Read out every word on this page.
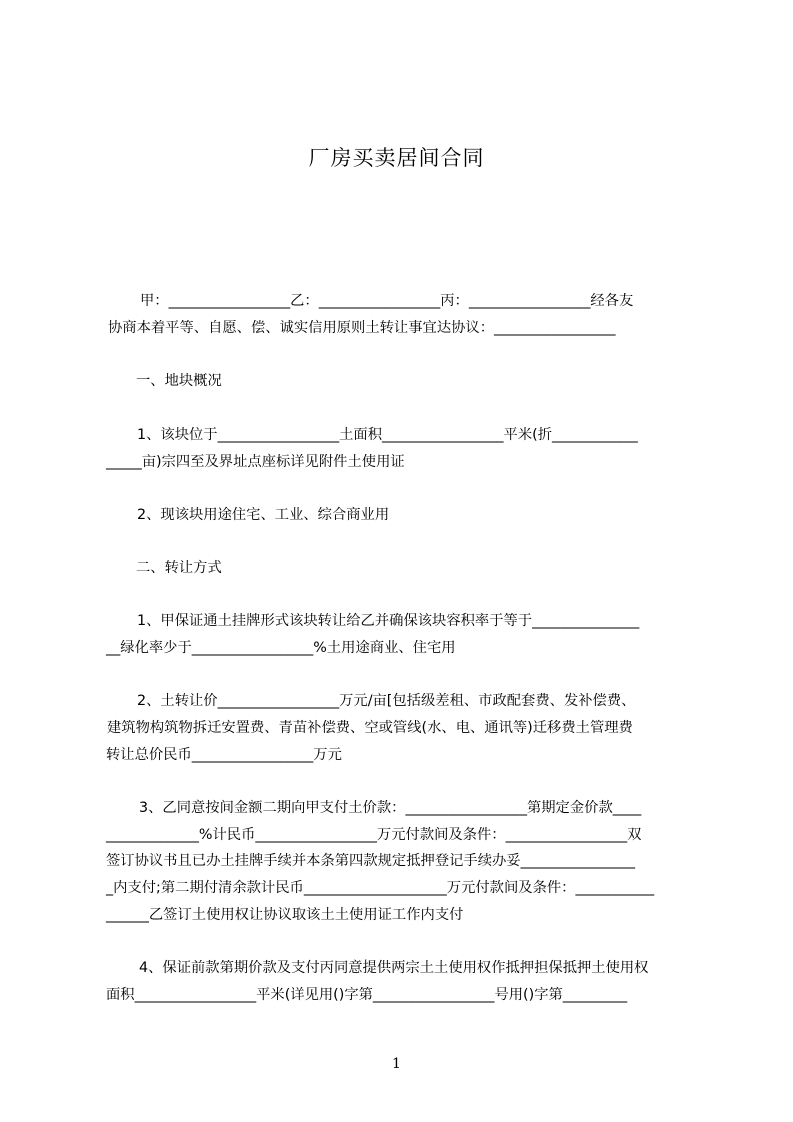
厂房买卖居间合同
甲：_________________乙：_________________丙：_________________经各友
协商本着平等、自愿、偿、诚实信用原则土转让事宜达协议：_________________
一、地块概况
1、该块位于_________________土面积_________________平米(折____________
_____亩)宗四至及界址点座标详见附件土使用证
2、现该块用途住宅、工业、综合商业用
二、转让方式
1、甲保证通土挂牌形式该块转让给乙并确保该块容积率于等于_______________
__绿化率少于_________________%土用途商业、住宅用
2、土转让价_________________万元/亩[包括级差租、市政配套费、发补偿费、
建筑物构筑物拆迁安置费、青苗补偿费、空或管线(水、电、通讯等)迁移费土管理费
转让总价民币_________________万元
3、乙同意按间金额二期向甲支付土价款：_________________第期定金价款____
_____________%计民币_________________万元付款间及条件：_________________双
签订协议书且已办土挂牌手续并本条第四款规定抵押登记手续办妥________________
_内支付;第二期付清余款计民币____________________万元付款间及条件：___________
______乙签订土使用权让协议取该土土使用证工作内支付
4、保证前款第期价款及支付丙同意提供两宗土土使用权作抵押担保抵押土使用权
面积_________________平米(详见用()字第_________________号用()字第_________
1
